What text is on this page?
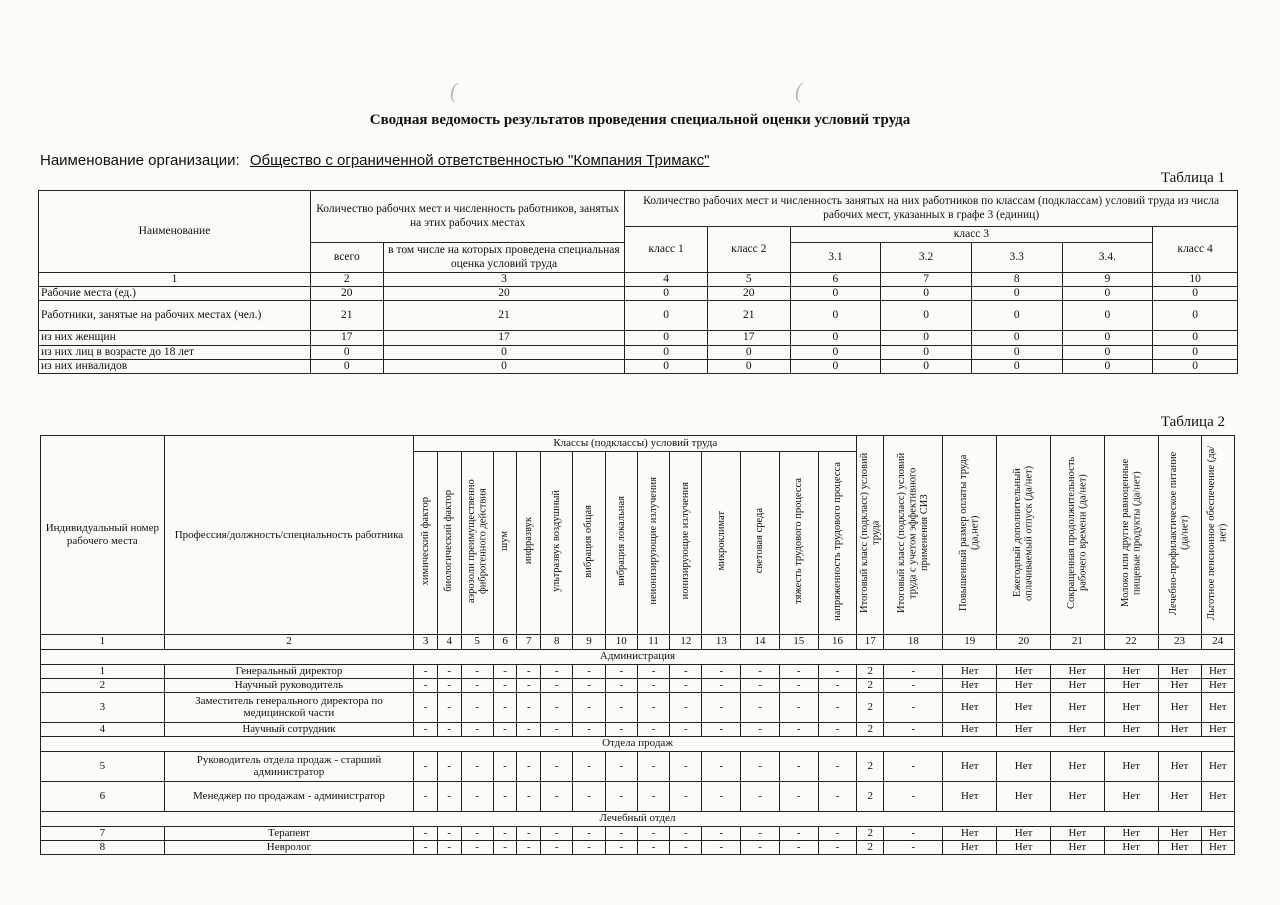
(	(
Сводная ведомость результатов проведения специальной оценки условий труда
Наименование организации: Общество с ограниченной ответственностью "Компания Тримакс"
Таблица 1
Наименование	Количество рабочих мест и численность работников, занятых на этих рабочих местах		Количество рабочих мест и численность занятых на них работников по классам (подклассам) условий труда из числа рабочих мест, указанных в графе 3 (единиц)						
			класс 1	класс 2	класс 3				класс 4
	всего	в том числе на которых проведена специальная оценка условий труда			3.1	3.2	3.3	3.4.	
1	2	3	4	5	6	7	8	9	10
Рабочие места (ед.)	20	20	0	20	0	0	0	0	0
Работники, занятые на рабочих местах (чел.)	21	21	0	21	0	0	0	0	0
из них женщин	17	17	0	17	0	0	0	0	0
из них лиц в возрасте до 18 лет	0	0	0	0	0	0	0	0	0
из них инвалидов	0	0	0	0	0	0	0	0	0
Таблица 2
Индивидуальный номер рабочего места	Профессия/должность/специальность работника	Классы (подклассы) условий труда														Итоговый класс (подкласс) условий труда	Итоговый класс (подкласс) условий труда с учетом эффективного применения СИЗ	Повышенный размер оплаты труда (да,нет)	Ежегодный дополнительный оплачиваемый отпуск (да/нет)	Сокращенная продолжительность рабочего времени (да/нет)	Молоко или другие равноценные пищевые продукты (да/нет)	Лечебно-профилактическое питание (да/нет)	Льготное пенсионное обеспечение (да/нет)
		химический фактор	биологический фактор	аэрозоли преимущественно фиброгенного действия	шум	инфразвук	ультразвук воздушный	вибрация общая	вибрация локальная	неионизирующие излучения	ионизирующие излучения	микроклимат	световая среда	тяжесть трудового процесса	напряженность трудового процесса								
1	2	3	4	5	6	7	8	9	10	11	12	13	14	15	16	17	18	19	20	21	22	23	24
Администрация																							
1	Генеральный директор	-	-	-	-	-	-	-	-	-	-	-	-	-	-	2	-	Нет	Нет	Нет	Нет	Нет	Нет
2	Научный руководитель	-	-	-	-	-	-	-	-	-	-	-	-	-	-	2	-	Нет	Нет	Нет	Нет	Нет	Нет
3	Заместитель генерального директора по медицинской части	-	-	-	-	-	-	-	-	-	-	-	-	-	-	2	-	Нет	Нет	Нет	Нет	Нет	Нет
4	Научный сотрудник	-	-	-	-	-	-	-	-	-	-	-	-	-	-	2	-	Нет	Нет	Нет	Нет	Нет	Нет
Отдела продаж																							
5	Руководитель отдела продаж - старший администратор	-	-	-	-	-	-	-	-	-	-	-	-	-	-	2	-	Нет	Нет	Нет	Нет	Нет	Нет
6	Менеджер по продажам - администратор	-	-	-	-	-	-	-	-	-	-	-	-	-	-	2	-	Нет	Нет	Нет	Нет	Нет	Нет
Лечебный отдел																							
7	Терапевт	-	-	-	-	-	-	-	-	-	-	-	-	-	-	2	-	Нет	Нет	Нет	Нет	Нет	Нет
8	Невролог	-	-	-	-	-	-	-	-	-	-	-	-	-	-	2	-	Нет	Нет	Нет	Нет	Нет	Нет
